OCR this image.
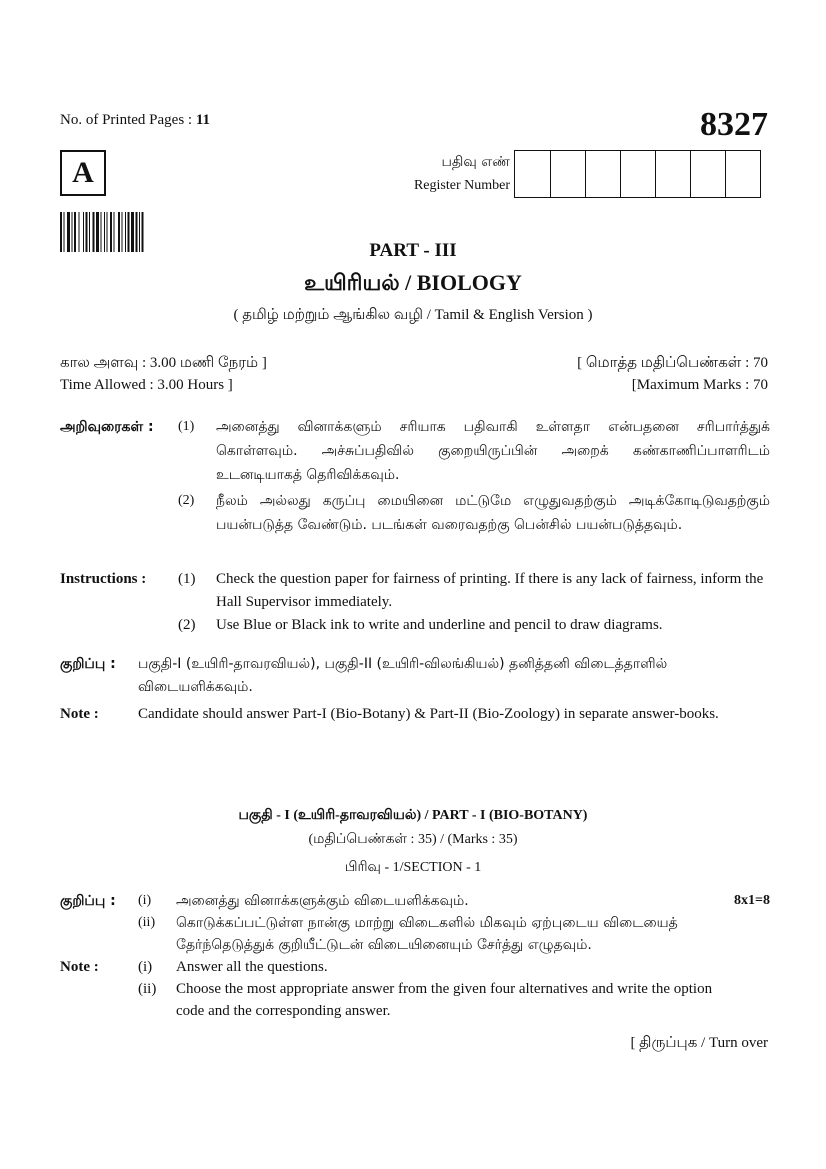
No. of Printed Pages : 11	8327
A	பதிவு எண்
Register Number
PART - III
உயிரியல் / BIOLOGY
( தமிழ் மற்றும் ஆங்கில வழி / Tamil & English Version )
கால அளவு : 3.00 மணி நேரம் ]
Time Allowed : 3.00 Hours ]
[ மொத்த மதிப்பெண்கள் : 70
[Maximum Marks : 70
அறிவுரைகள் :	(1)	அனைத்து வினாக்களும் சரியாக பதிவாகி உள்ளதா என்பதனை சரிபார்த்துக் கொள்ளவும். அச்சுப்பதிவில் குறையிருப்பின் அறைக் கண்காணிப்பாளரிடம் உடனடியாகத் தெரிவிக்கவும்.
(2)	நீலம் அல்லது கருப்பு மையினை மட்டுமே எழுதுவதற்கும் அடிக்கோடிடுவதற்கும் பயன்படுத்த வேண்டும். படங்கள் வரைவதற்கு பென்சில் பயன்படுத்தவும்.
Instructions :	(1)	Check the question paper for fairness of printing. If there is any lack of fairness, inform the Hall Supervisor immediately.
(2)	Use Blue or Black ink to write and underline and pencil to draw diagrams.
குறிப்பு :	பகுதி-I (உயிரி-தாவரவியல்), பகுதி-II (உயிரி-விலங்கியல்) தனித்தனி விடைத்தாளில் விடையளிக்கவும்.
Note :	Candidate should answer Part-I (Bio-Botany) & Part-II (Bio-Zoology) in separate answer-books.
பகுதி - I (உயிரி-தாவரவியல்) / PART - I (BIO-BOTANY)
(மதிப்பெண்கள் : 35) / (Marks : 35)
பிரிவு - 1/SECTION - 1
8x1=8
குறிப்பு :	(i)	அனைத்து வினாக்களுக்கும் விடையளிக்கவும்.
(ii)	கொடுக்கப்பட்டுள்ள நான்கு மாற்று விடைகளில் மிகவும் ஏற்புடைய விடையைத் தேர்ந்தெடுத்துக் குறியீட்டுடன் விடையினையும் சேர்த்து எழுதவும்.
Note :	(i)	Answer all the questions.
(ii)	Choose the most appropriate answer from the given four alternatives and write the option code and the corresponding answer.
[ திருப்புக / Turn over
